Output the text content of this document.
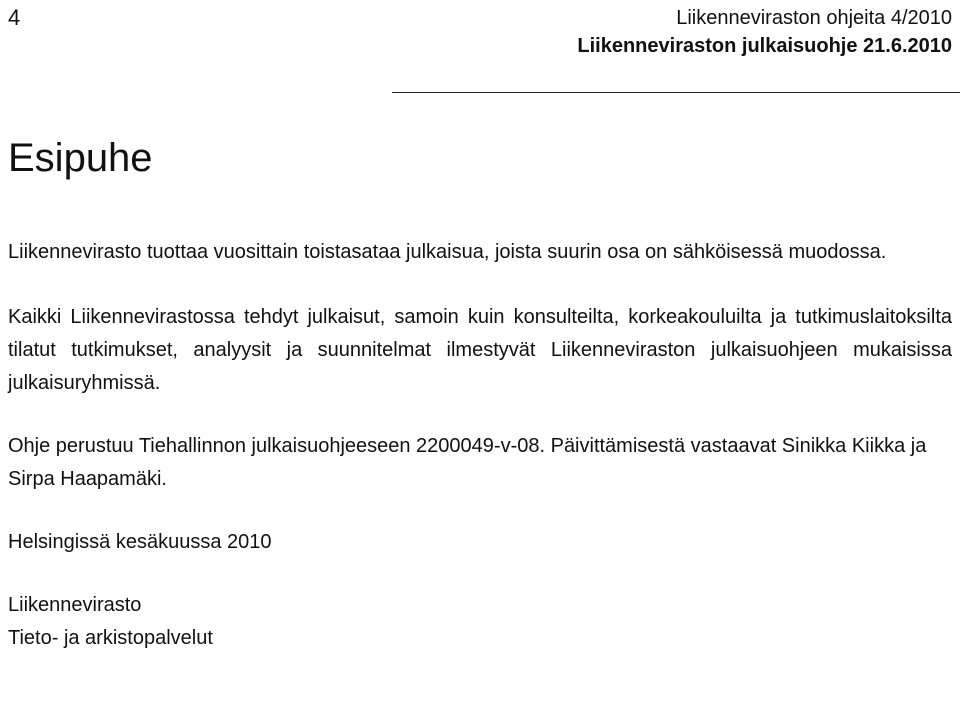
4	Liikenneviraston ohjeita 4/2010
Liikenneviraston julkaisuohje 21.6.2010
Esipuhe

Liikennevirasto tuottaa vuosittain toistasataa julkaisua, joista suurin osa on sähköisessä muodossa.

Kaikki Liikennevirastossa tehdyt julkaisut, samoin kuin konsulteilta, korkeakouluilta ja tutkimuslaitoksilta tilatut tutkimukset, analyysit ja suunnitelmat ilmestyvät Liikenneviraston julkaisuohjeen mukaisissa julkaisuryhmissä.

Ohje perustuu Tiehallinnon julkaisuohjeeseen 2200049-v-08. Päivittämisestä vastaavat Sinikka Kiikka ja Sirpa Haapamäki.

Helsingissä kesäkuussa 2010

Liikennevirasto
Tieto- ja arkistopalvelut
